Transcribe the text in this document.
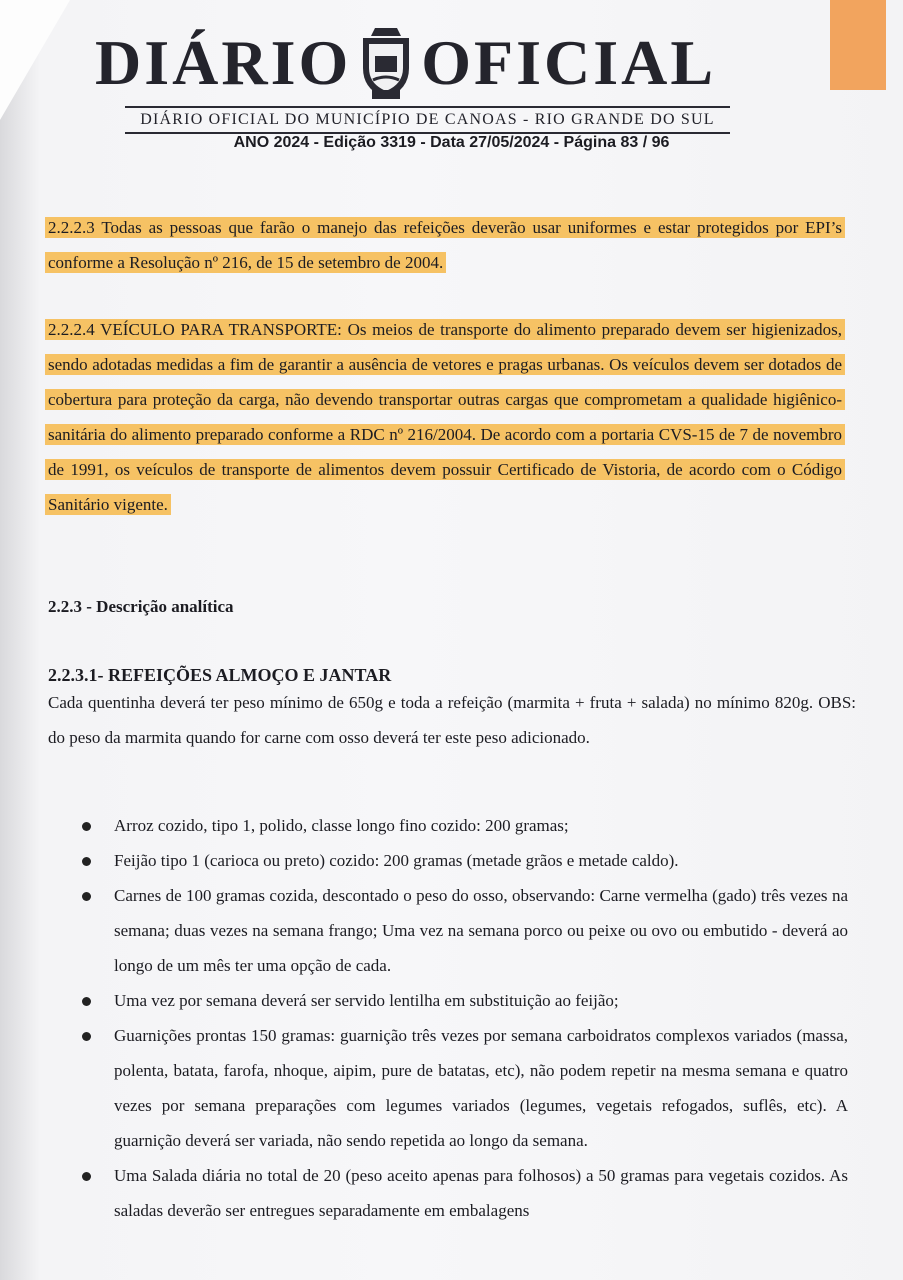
DIÁRIO OFICIAL
DIÁRIO OFICIAL DO MUNICÍPIO DE CANOAS - RIO GRANDE DO SUL
ANO 2024 - Edição 3319 - Data 27/05/2024 - Página 83 / 96
2.2.2.3 Todas as pessoas que farão o manejo das refeições deverão usar uniformes e estar protegidos por EPI’s conforme a Resolução nº 216, de 15 de setembro de 2004.
2.2.2.4 VEÍCULO PARA TRANSPORTE: Os meios de transporte do alimento preparado devem ser higienizados, sendo adotadas medidas a fim de garantir a ausência de vetores e pragas urbanas. Os veículos devem ser dotados de cobertura para proteção da carga, não devendo transportar outras cargas que comprometam a qualidade higiênico-sanitária do alimento preparado conforme a RDC nº 216/2004. De acordo com a portaria CVS-15 de 7 de novembro de 1991, os veículos de transporte de alimentos devem possuir Certificado de Vistoria, de acordo com o Código Sanitário vigente.
2.2.3 - Descrição analítica
2.2.3.1- REFEIÇÕES ALMOÇO E JANTAR
Cada quentinha deverá ter peso mínimo de 650g e toda a refeição (marmita + fruta + salada) no mínimo 820g. OBS: do peso da marmita quando for carne com osso deverá ter este peso adicionado.
Arroz cozido, tipo 1, polido, classe longo fino cozido: 200 gramas;
Feijão tipo 1 (carioca ou preto) cozido: 200 gramas (metade grãos e metade caldo).
Carnes de 100 gramas cozida, descontado o peso do osso, observando: Carne vermelha (gado) três vezes na semana; duas vezes na semana frango; Uma vez na semana porco ou peixe ou ovo ou embutido - deverá ao longo de um mês ter uma opção de cada.
Uma vez por semana deverá ser servido lentilha em substituição ao feijão;
Guarnições prontas 150 gramas: guarnição três vezes por semana carboidratos complexos variados (massa, polenta, batata, farofa, nhoque, aipim, pure de batatas, etc), não podem repetir na mesma semana e quatro vezes por semana preparações com legumes variados (legumes, vegetais refogados, suflês, etc). A guarnição deverá ser variada, não sendo repetida ao longo da semana.
Uma Salada diária no total de 20 (peso aceito apenas para folhosos) a 50 gramas para vegetais cozidos. As saladas deverão ser entregues separadamente em embalagens
